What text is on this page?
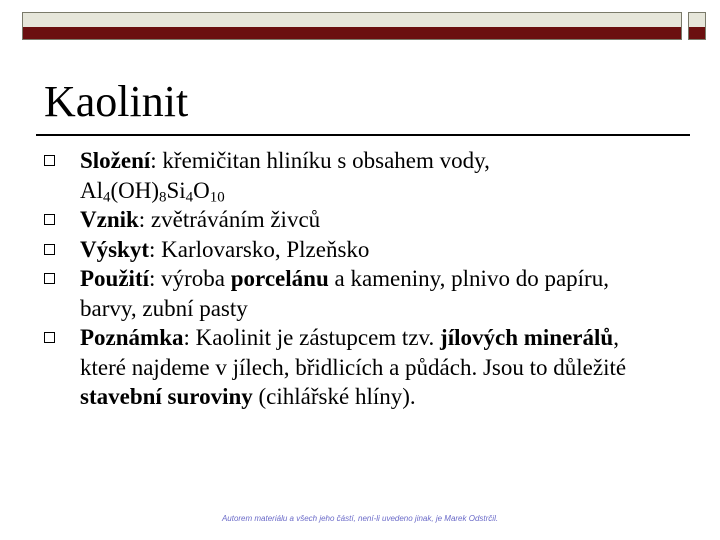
Kaolinit
Složení: křemičitan hliníku s obsahem vody,
$Al_4(OH)_8Si_4O_{10}$
Vznik: zvětráváním živců
Výskyt: Karlovarsko, Plzeňsko
Použití: výroba porcelánu a kameniny, plnivo do papíru, barvy, zubní pasty
Poznámka: Kaolinit je zástupcem tzv. jílových minerálů, které najdeme v jílech, břidlicích a půdách. Jsou to důležité stavební suroviny (cihlářské hlíny).
Autorem materiálu a všech jeho částí, není-li uvedeno jinak, je Marek Odstrčil.
